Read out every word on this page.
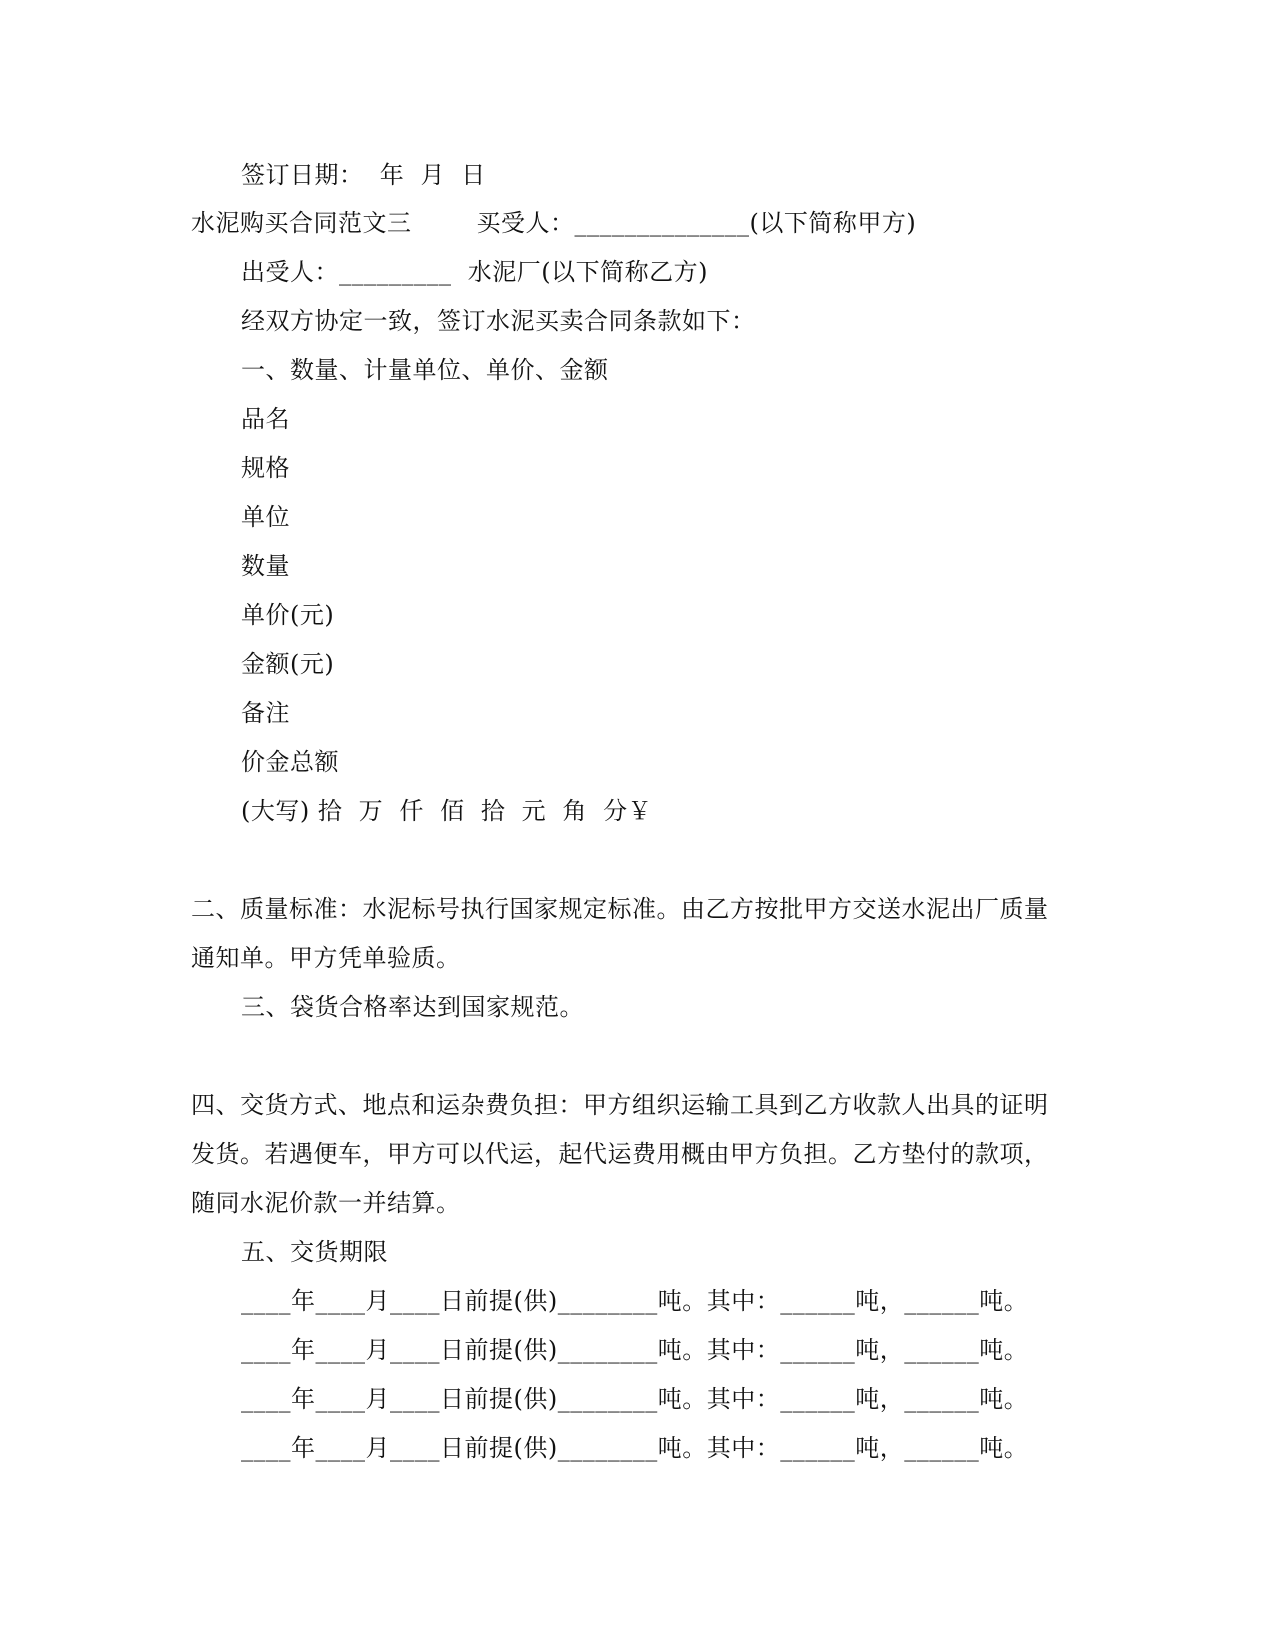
签订日期：  年  月  日
水泥购买合同范文三        买受人：______________(以下简称甲方)
出受人：_________  水泥厂(以下简称乙方)
经双方协定一致，签订水泥买卖合同条款如下：
一、数量、计量单位、单价、金额
品名
规格
单位
数量
单价(元)
金额(元)
备注
价金总额
(大写) 拾  万  仟  佰  拾  元  角  分￥
二、质量标准：水泥标号执行国家规定标准。由乙方按批甲方交送水泥出厂质量
通知单。甲方凭单验质。
三、袋货合格率达到国家规范。
四、交货方式、地点和运杂费负担：甲方组织运输工具到乙方收款人出具的证明
发货。若遇便车，甲方可以代运，起代运费用概由甲方负担。乙方垫付的款项，
随同水泥价款一并结算。
五、交货期限
____年____月____日前提(供)________吨。其中：______吨，______吨。
____年____月____日前提(供)________吨。其中：______吨，______吨。
____年____月____日前提(供)________吨。其中：______吨，______吨。
____年____月____日前提(供)________吨。其中：______吨，______吨。
